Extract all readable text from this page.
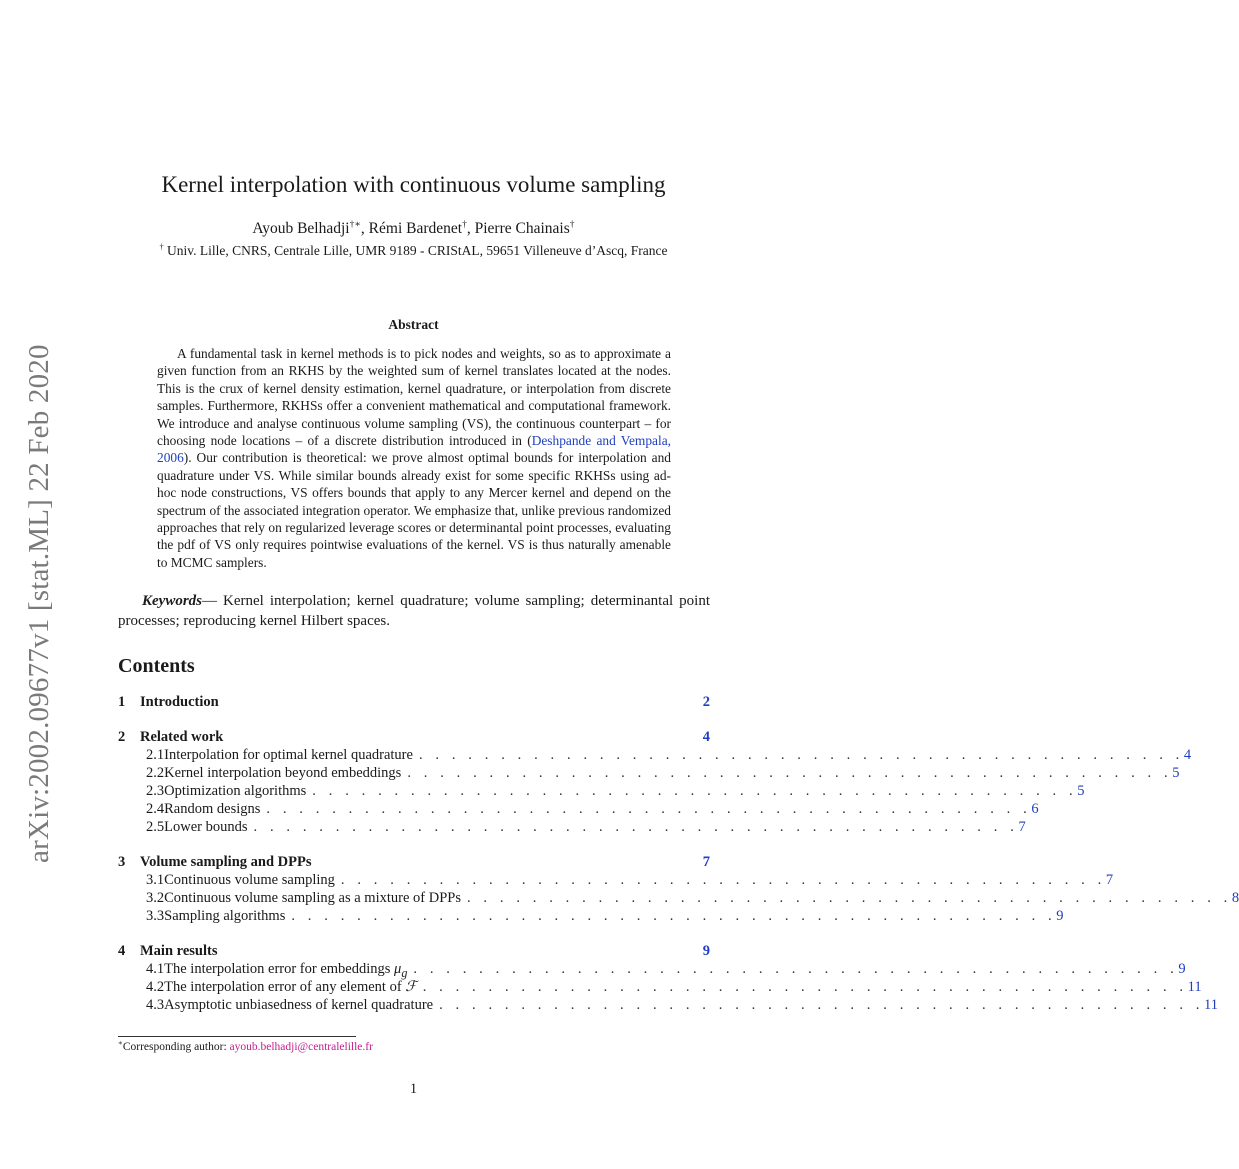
arXiv:2002.09677v1 [stat.ML] 22 Feb 2020
Kernel interpolation with continuous volume sampling
Ayoub Belhadji†∗, Rémi Bardenet†, Pierre Chainais†
† Univ. Lille, CNRS, Centrale Lille, UMR 9189 - CRIStAL, 59651 Villeneuve d’Ascq, France
Abstract

A fundamental task in kernel methods is to pick nodes and weights, so as to approximate a given function from an RKHS by the weighted sum of kernel translates located at the nodes. This is the crux of kernel density estimation, kernel quadrature, or interpolation from discrete samples. Furthermore, RKHSs offer a convenient mathematical and computational framework. We introduce and analyse continuous volume sampling (VS), the continuous counterpart – for choosing node locations – of a discrete distribution introduced in (Deshpande and Vempala, 2006). Our contribution is theoretical: we prove almost optimal bounds for interpolation and quadrature under VS. While similar bounds already exist for some specific RKHSs using ad-hoc node constructions, VS offers bounds that apply to any Mercer kernel and depend on the spectrum of the associated integration operator. We emphasize that, unlike previous randomized approaches that rely on regularized leverage scores or determinantal point processes, evaluating the pdf of VS only requires pointwise evaluations of the kernel. VS is thus naturally amenable to MCMC samplers.

Keywords— Kernel interpolation; kernel quadrature; volume sampling; determinantal point processes; reproducing kernel Hilbert spaces.

Contents
1	Introduction	2
2	Related work	4
2.1 Interpolation for optimal kernel quadrature . . . . . . . . . . . . . . . . . . . . . . . . . . . . . . . . . . . . . . . . . . . . . . . 4
2.2 Kernel interpolation beyond embeddings . . . . . . . . . . . . . . . . . . . . . . . . . . . . . . . . . . . . . . . . . . . . . . . 5
2.3 Optimization algorithms . . . . . . . . . . . . . . . . . . . . . . . . . . . . . . . . . . . . . . . . . . . . . . . 5
2.4 Random designs . . . . . . . . . . . . . . . . . . . . . . . . . . . . . . . . . . . . . . . . . . . . . . . 6
2.5 Lower bounds . . . . . . . . . . . . . . . . . . . . . . . . . . . . . . . . . . . . . . . . . . . . . . . 7
3	Volume sampling and DPPs	7
3.1 Continuous volume sampling . . . . . . . . . . . . . . . . . . . . . . . . . . . . . . . . . . . . . . . . . . . . . . . 7
3.2 Continuous volume sampling as a mixture of DPPs . . . . . . . . . . . . . . . . . . . . . . . . . . . . . . . . . . . . . . . . . . . . . . . 8
3.3 Sampling algorithms . . . . . . . . . . . . . . . . . . . . . . . . . . . . . . . . . . . . . . . . . . . . . . . 9
4	Main results	9
4.1 The interpolation error for embeddings $\mu_g$ . . . . . . . . . . . . . . . . . . . . . . . . . . . . . . . . . . . . . . . . . . . . . . . 9
4.2 The interpolation error of any element of ℱ . . . . . . . . . . . . . . . . . . . . . . . . . . . . . . . . . . . . . . . . . . . . . . . 11
4.3 Asymptotic unbiasedness of kernel quadrature . . . . . . . . . . . . . . . . . . . . . . . . . . . . . . . . . . . . . . . . . . . . . . . 11
∗Corresponding author: ayoub.belhadji@centralelille.fr
1
